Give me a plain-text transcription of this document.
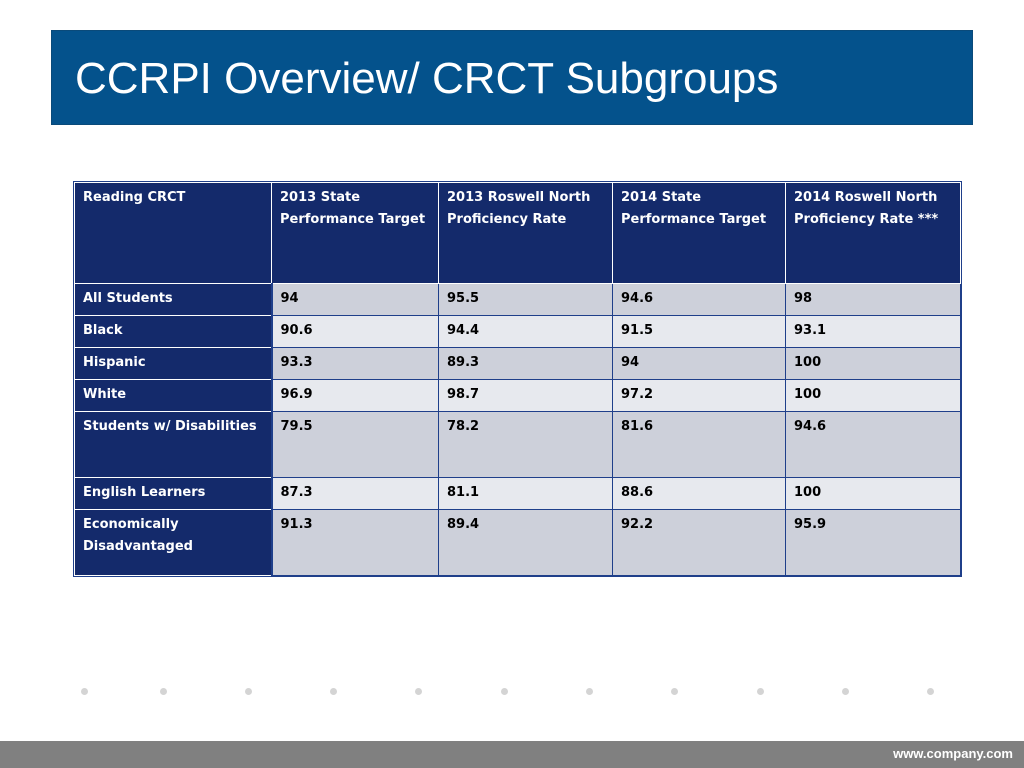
CCRPI Overview/ CRCT Subgroups
Reading CRCT	2013 State Performance Target	2013 Roswell North Proficiency Rate	2014 State Performance Target	2014 Roswell North Proficiency Rate ***
All Students	94	95.5	94.6	98
Black	90.6	94.4	91.5	93.1
Hispanic	93.3	89.3	94	100
White	96.9	98.7	97.2	100
Students w/ Disabilities	79.5	78.2	81.6	94.6
English Learners	87.3	81.1	88.6	100
Economically Disadvantaged	91.3	89.4	92.2	95.9
www.company.com
